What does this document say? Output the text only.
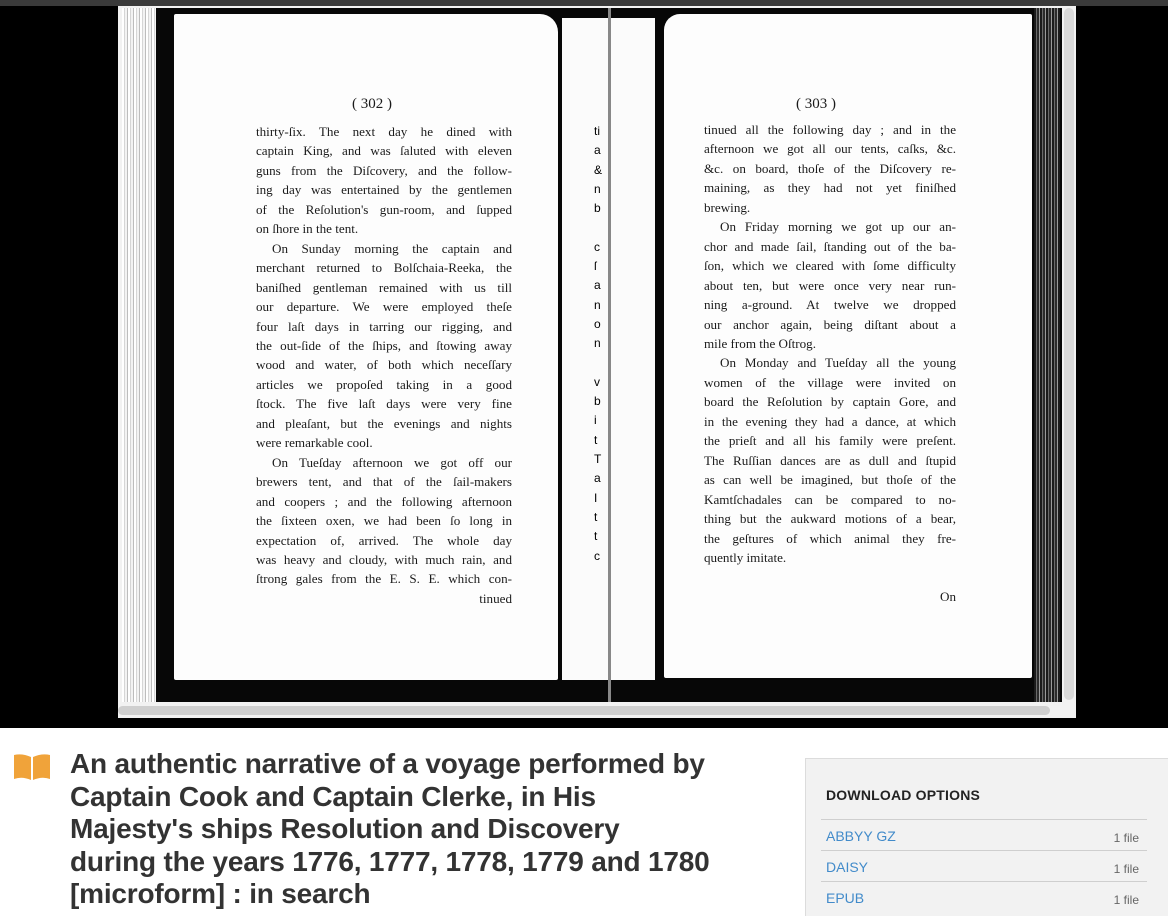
( 302 )
thirty-ſix. The next day he dined with
captain King, and was ſaluted with eleven
guns from the Diſcovery, and the follow-
ing day was entertained by the gentlemen
of the Reſolution's gun-room, and ſupped
on ſhore in the tent.
On Sunday morning the captain and
merchant returned to Bolſchaia-Reeka, the
baniſhed gentleman remained with us till
our departure. We were employed theſe
four laſt days in tarring our rigging, and
the out-ſide of the ſhips, and ſtowing away
wood and water, of both which neceſſary
articles we propoſed taking in a good
ſtock. The five laſt days were very fine
and pleaſant, but the evenings and nights
were remarkable cool.
On Tueſday afternoon we got off our
brewers tent, and that of the ſail-makers
and coopers ; and the following afternoon
the ſixteen oxen, we had been ſo long in
expectation of, arrived. The whole day
was heavy and cloudy, with much rain, and
ſtrong gales from the E. S. E. which con-
tinued
ti
a
&
n
b
c
ſ
a
n
o
n
v
b
i
t
T
a
I
t
t
c
( 303 )
tinued all the following day ; and in the
afternoon we got all our tents, caſks, &c.
&c. on board, thoſe of the Diſcovery re-
maining, as they had not yet finiſhed
brewing.
On Friday morning we got up our an-
chor and made ſail, ſtanding out of the ba-
ſon, which we cleared with ſome difficulty
about ten, but were once very near run-
ning a-ground. At twelve we dropped
our anchor again, being diſtant about a
mile from the Oſtrog.
On Monday and Tueſday all the young
women of the village were invited on
board the Reſolution by captain Gore, and
in the evening they had a dance, at which
the prieſt and all his family were preſent.
The Ruſſian dances are as dull and ſtupid
as can well be imagined, but thoſe of the
Kamtſchadales can be compared to no-
thing but the aukward motions of a bear,
the geſtures of which animal they fre-
quently imitate.

On
An authentic narrative of a voyage performed by Captain Cook and Captain Clerke, in His Majesty's ships Resolution and Discovery during the years 1776, 1777, 1778, 1779 and 1780 [microform] : in search
DOWNLOAD OPTIONS
ABBYY GZ	1 file
DAISY	1 file
EPUB	1 file
